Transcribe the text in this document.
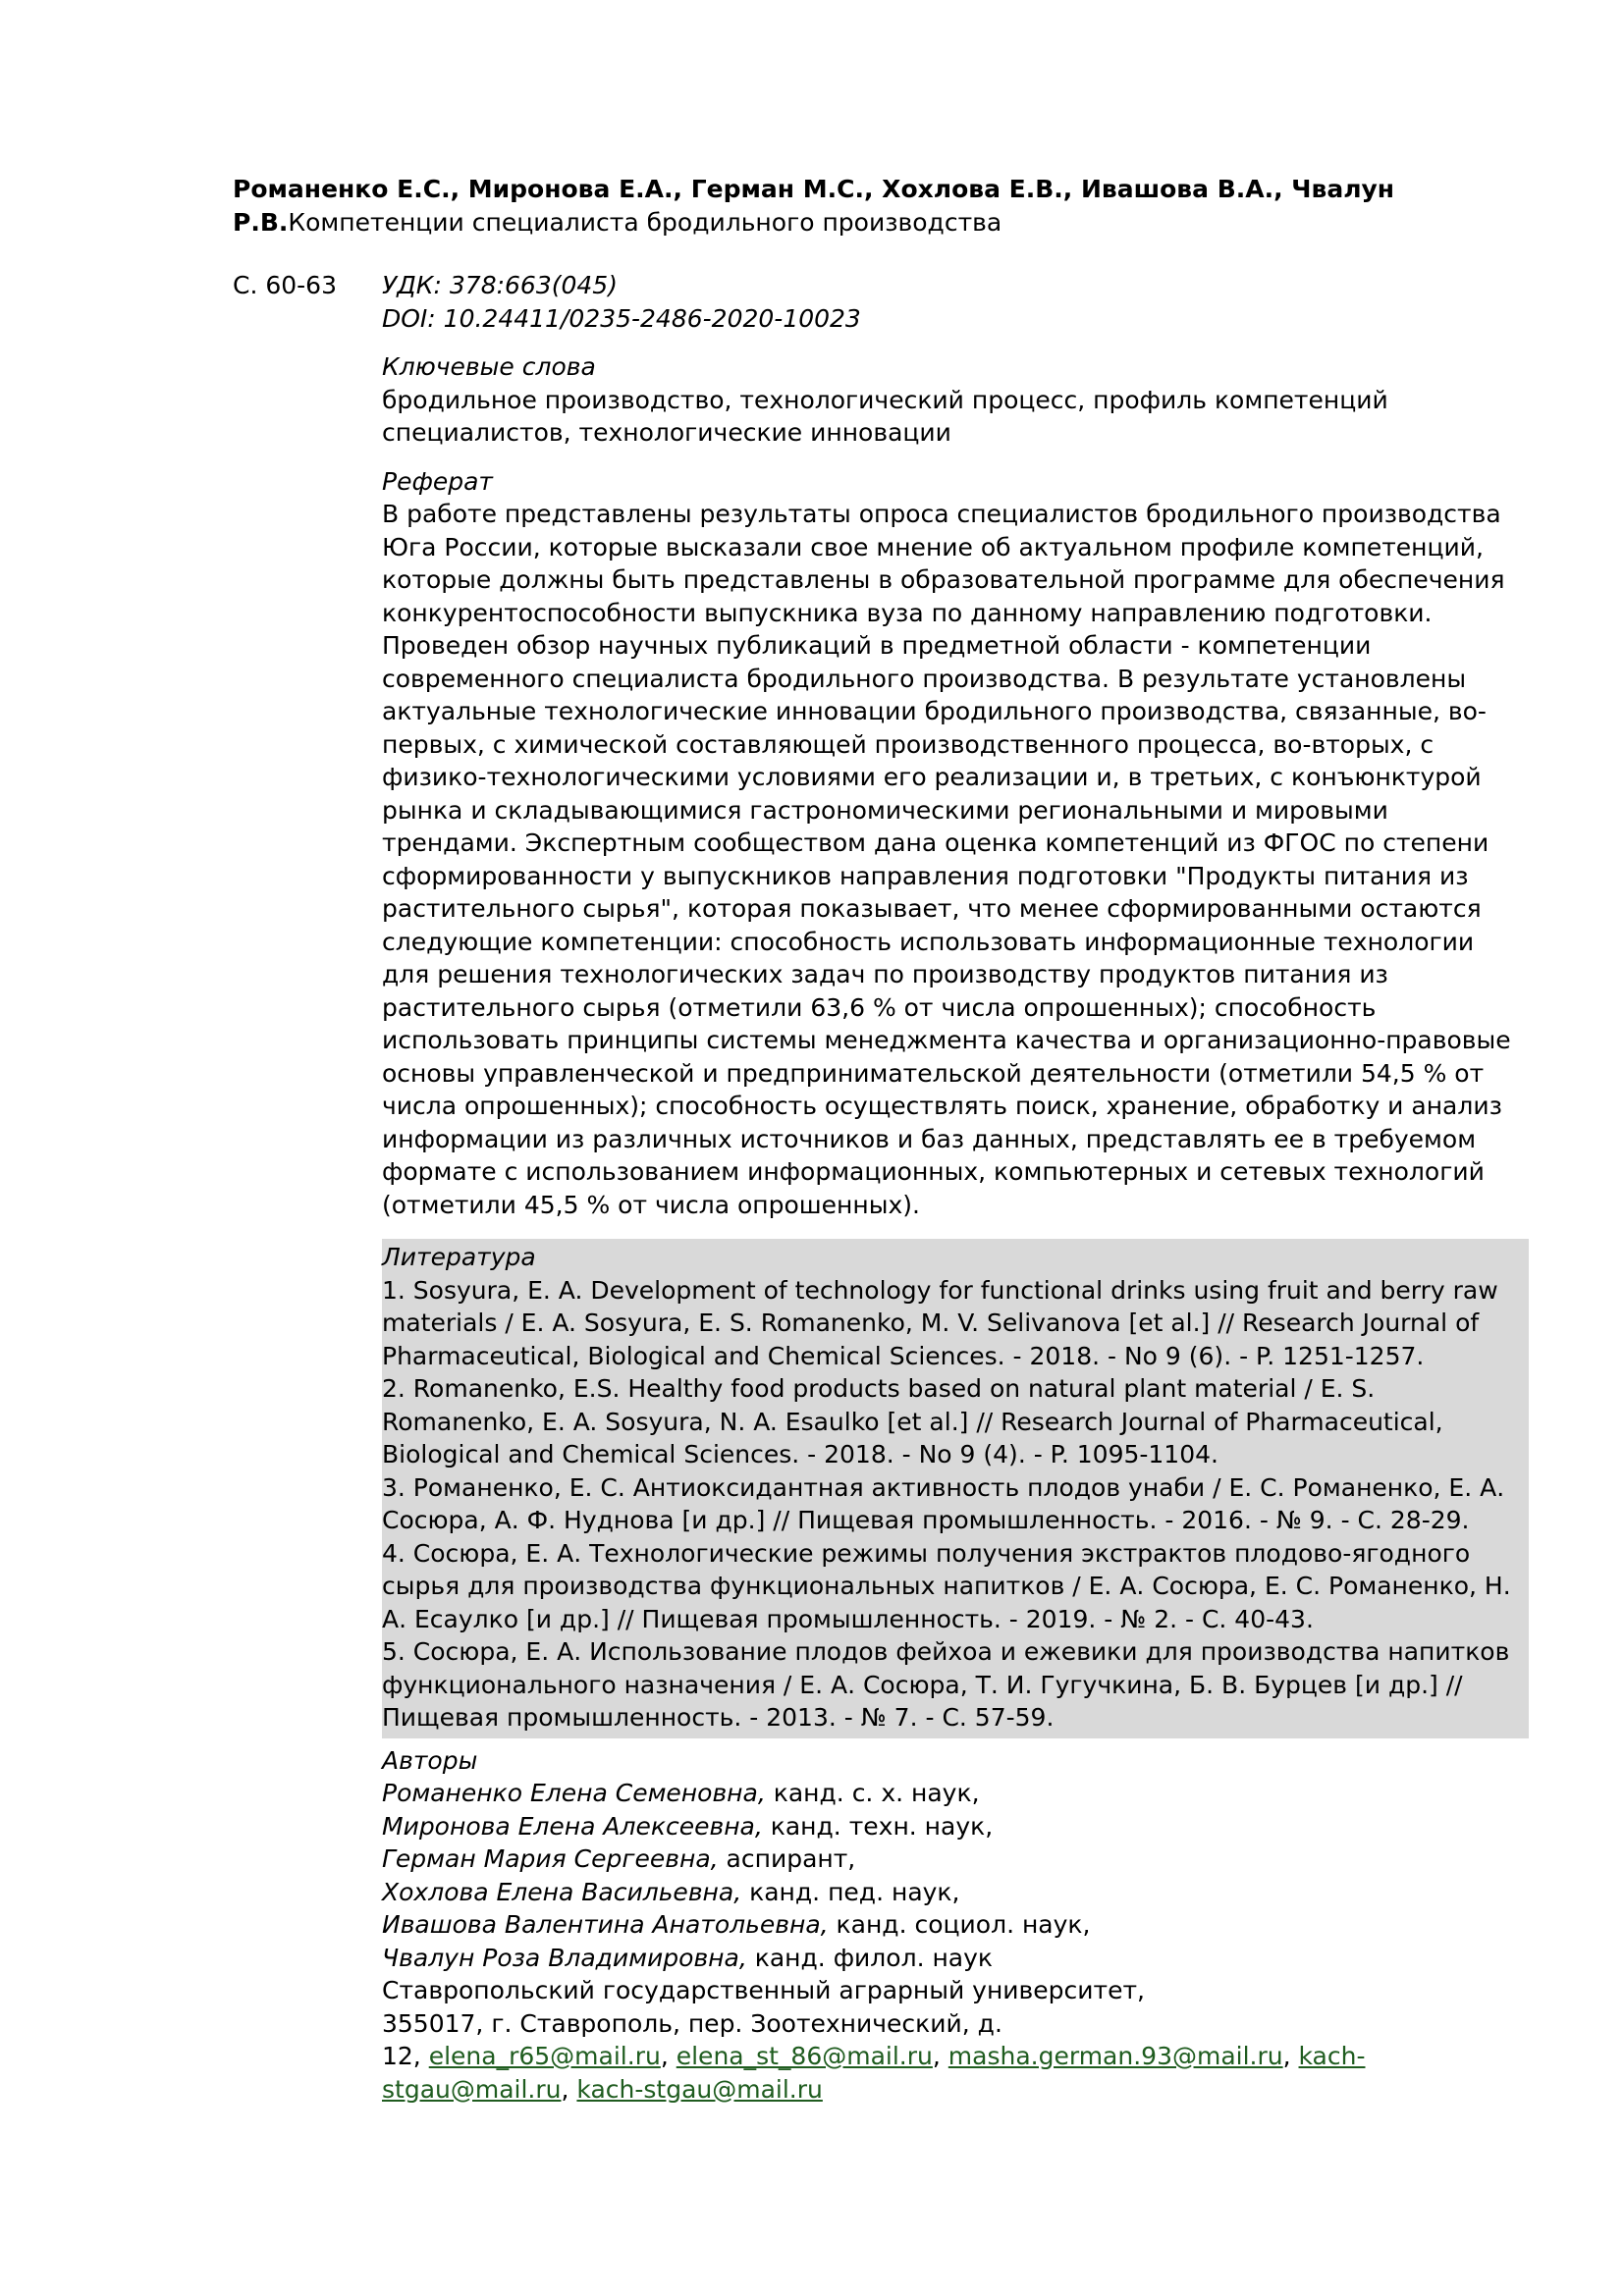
Романенко Е.С., Миронова Е.А., Герман М.С., Хохлова Е.В., Ивашова В.А., Чвалун Р.В.Компетенции специалиста бродильного производства

С. 60-63	УДК: 378:663(045)
DOI: 10.24411/0235-2486-2020-10023
Ключевые слова
бродильное производство, технологический процесс, профиль компетенций специалистов, технологические инновации
Реферат
В работе представлены результаты опроса специалистов бродильного производства Юга России, которые высказали свое мнение об актуальном профиле компетенций, которые должны быть представлены в образовательной программе для обеспечения конкурентоспособности выпускника вуза по данному направлению подготовки. Проведен обзор научных публикаций в предметной области - компетенции современного специалиста бродильного производства. В результате установлены актуальные технологические инновации бродильного производства, связанные, во-первых, с химической составляющей производственного процесса, во-вторых, с физико-технологическими условиями его реализации и, в третьих, с конъюнктурой рынка и складывающимися гастрономическими региональными и мировыми трендами. Экспертным сообществом дана оценка компетенций из ФГОС по степени сформированности у выпускников направления подготовки "Продукты питания из растительного сырья", которая показывает, что менее сформированными остаются следующие компетенции: способность использовать информационные технологии для решения технологических задач по производству продуктов питания из растительного сырья (отметили 63,6 % от числа опрошенных); способность использовать принципы системы менеджмента качества и организационно-правовые основы управленческой и предпринимательской деятельности (отметили 54,5 % от числа опрошенных); способность осуществлять поиск, хранение, обработку и анализ информации из различных источников и баз данных, представлять ее в требуемом формате с использованием информационных, компьютерных и сетевых технологий (отметили 45,5 % от числа опрошенных).
Литература
1. Sosyura, E. A. Development of technology for functional drinks using fruit and berry raw materials / E. A. Sosyura, E. S. Romanenko, M. V. Selivanova [et al.] // Research Journal of Pharmaceutical, Biological and Chemical Sciences. - 2018. - No 9 (6). - P. 1251-1257.
2. Romanenko, E.S. Healthy food products based on natural plant material / E. S. Romanenko, E. A. Sosyura, N. A. Esaulko [et al.] // Research Journal of Pharmaceutical, Biological and Chemical Sciences. - 2018. - No 9 (4). - P. 1095-1104.
3. Романенко, Е. С. Антиоксидантная активность плодов унаби / Е. С. Романенко, Е. А. Сосюра, А. Ф. Нуднова [и др.] // Пищевая промышленность. - 2016. - № 9. - С. 28-29.
4. Сосюра, Е. А. Технологические режимы получения экстрактов плодово-ягодного сырья для производства функциональных напитков / Е. А. Сосюра, Е. С. Романенко, Н. А. Есаулко [и др.] // Пищевая промышленность. - 2019. - № 2. - С. 40-43.
5. Сосюра, Е. А. Использование плодов фейхоа и ежевики для производства напитков функционального назначения / Е. А. Сосюра, Т. И. Гугучкина, Б. В. Бурцев [и др.] // Пищевая промышленность. - 2013. - № 7. - С. 57-59.
Авторы
Романенко Елена Семеновна, канд. с. х. наук,
Миронова Елена Алексеевна, канд. техн. наук,
Герман Мария Сергеевна, аспирант,
Хохлова Елена Васильевна, канд. пед. наук,
Ивашова Валентина Анатольевна, канд. социол. наук,
Чвалун Роза Владимировна, канд. филол. наук
Ставропольский государственный аграрный университет,
355017, г. Ставрополь, пер. Зоотехнический, д.
12, elena_r65@mail.ru, elena_st_86@mail.ru, masha.german.93@mail.ru, kach-stgau@mail.ru, kach-stgau@mail.ru
